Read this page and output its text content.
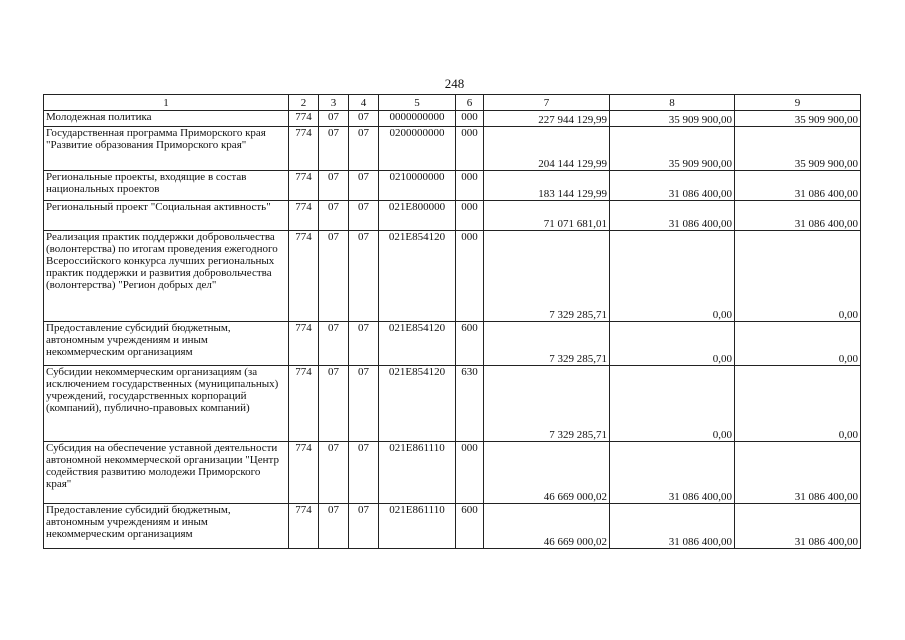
248
1	2	3	4	5	6	7	8	9
Молодежная политика	774	07	07	0000000000	000	227 944 129,99	35 909 900,00	35 909 900,00
Государственная программа Приморского края "Развитие образования Приморского края"	774	07	07	0200000000	000	204 144 129,99	35 909 900,00	35 909 900,00
Региональные проекты, входящие в состав национальных проектов	774	07	07	0210000000	000	183 144 129,99	31 086 400,00	31 086 400,00
Региональный проект "Социальная активность"	774	07	07	021E800000	000	71 071 681,01	31 086 400,00	31 086 400,00
Реализация практик поддержки добровольчества (волонтерства) по итогам проведения ежегодного Всероссийского конкурса лучших региональных практик поддержки и развития добровольчества (волонтерства) "Регион добрых дел"	774	07	07	021E854120	000	7 329 285,71	0,00	0,00
Предоставление субсидий бюджетным, автономным учреждениям и иным некоммерческим организациям	774	07	07	021E854120	600	7 329 285,71	0,00	0,00
Субсидии некоммерческим организациям (за исключением государственных (муниципальных) учреждений, государственных корпораций (компаний), публично-правовых компаний)	774	07	07	021E854120	630	7 329 285,71	0,00	0,00
Субсидия на обеспечение уставной деятельности автономной некоммерческой организации "Центр содействия развитию молодежи Приморского края"	774	07	07	021E861110	000	46 669 000,02	31 086 400,00	31 086 400,00
Предоставление субсидий бюджетным, автономным учреждениям и иным некоммерческим организациям	774	07	07	021E861110	600	46 669 000,02	31 086 400,00	31 086 400,00
